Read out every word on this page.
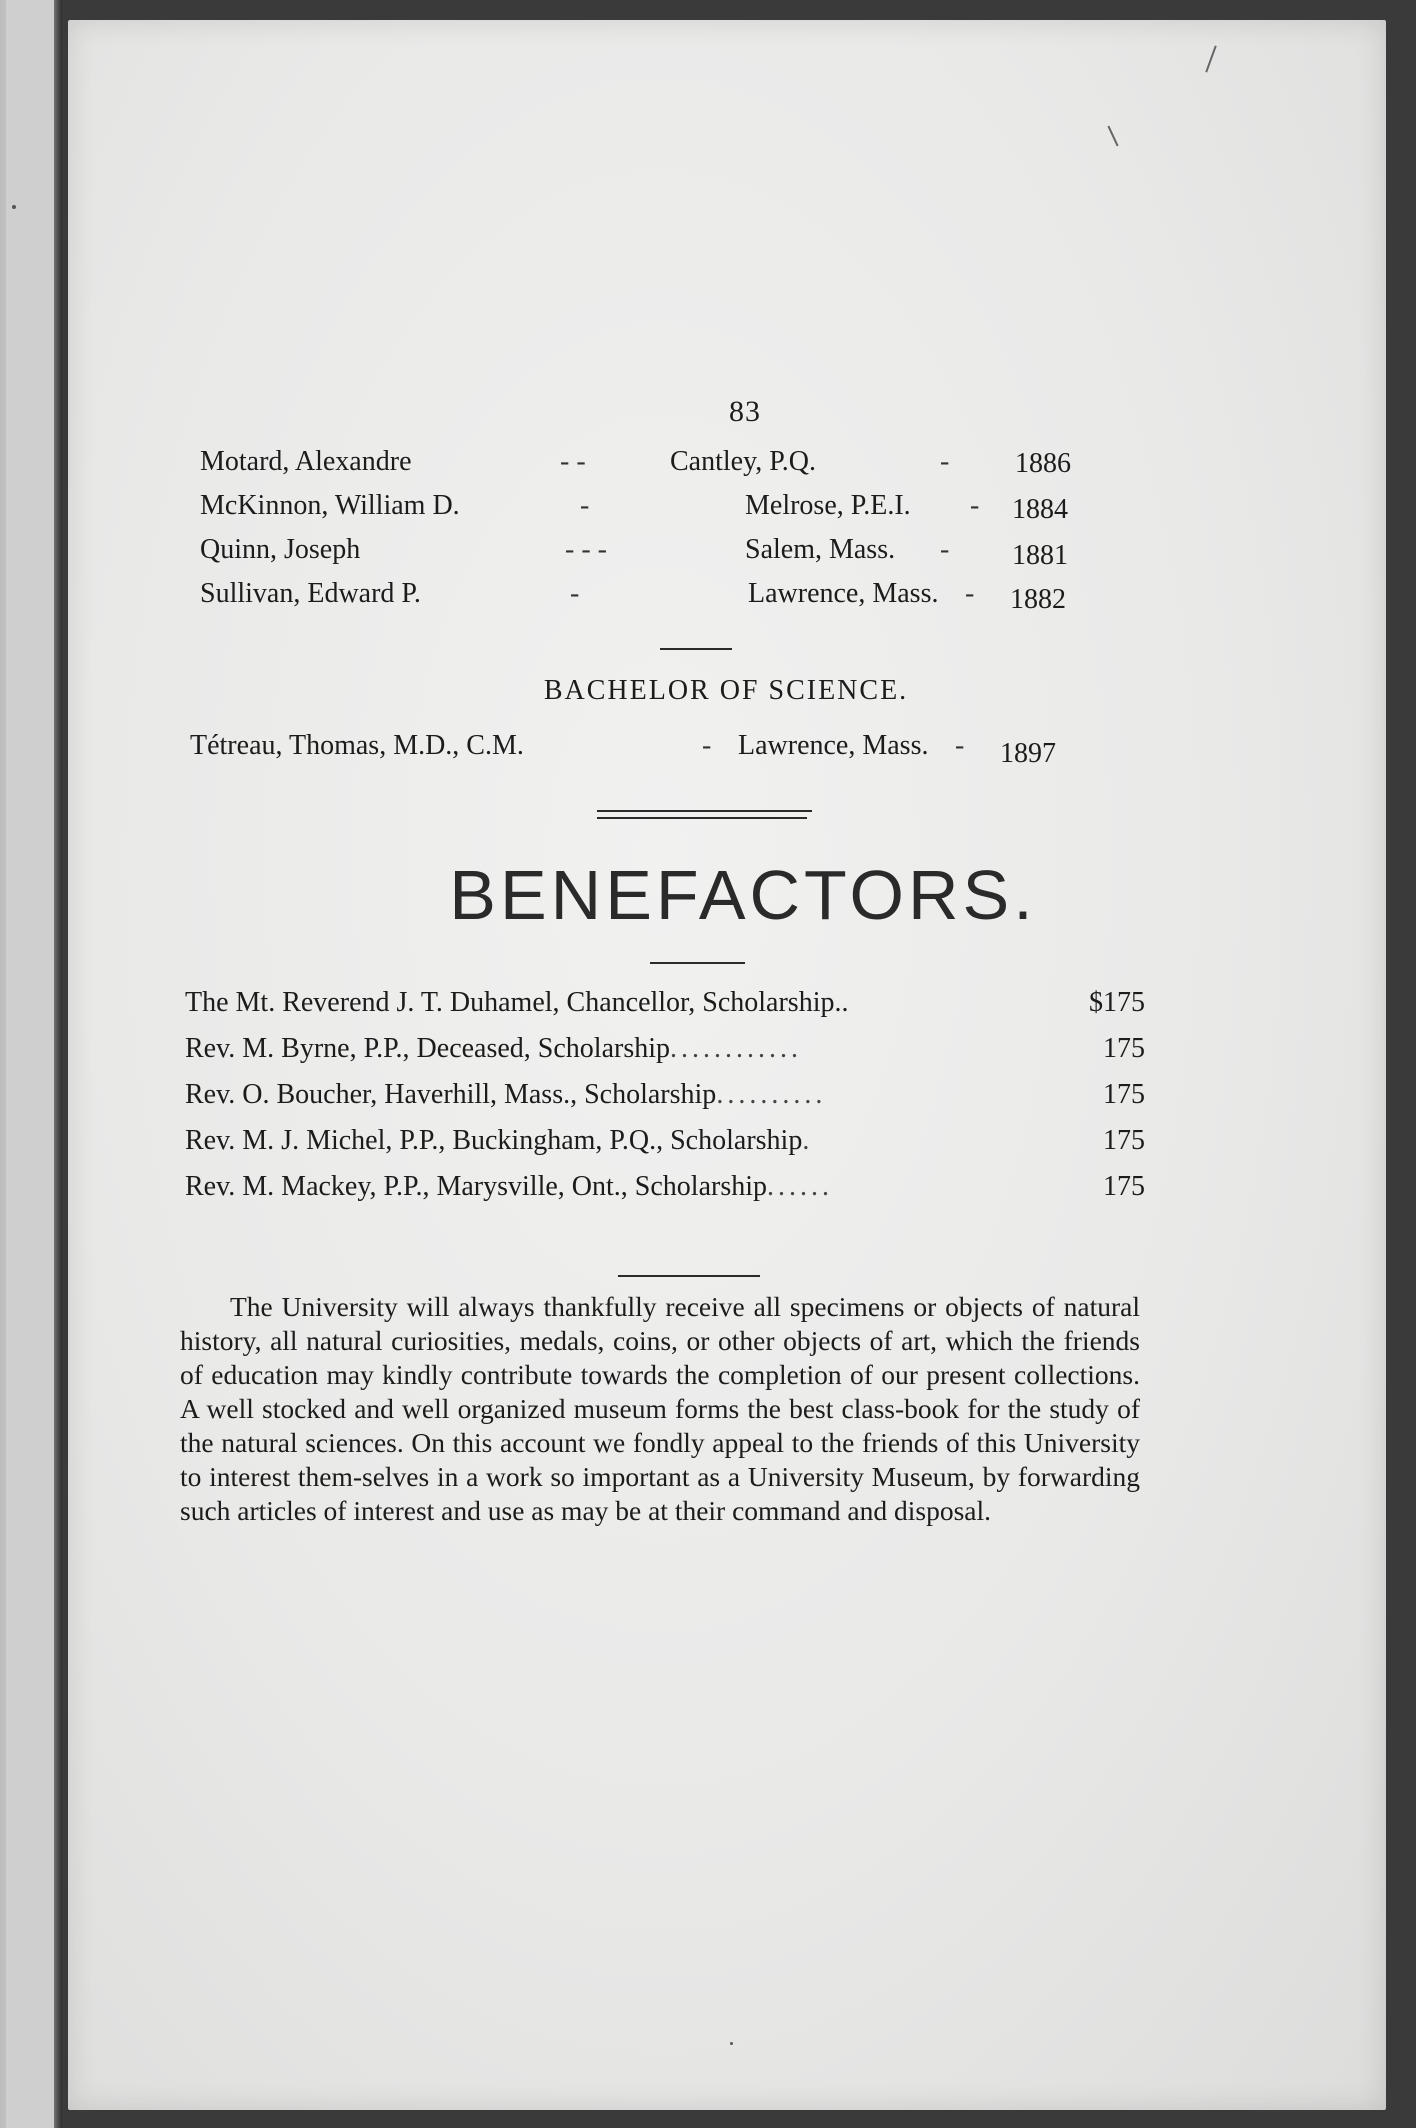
83
Motard, Alexandre	- -	Cantley, P.Q.	- 1886
McKinnon, William D.	-	Melrose, P.E.I. - 1884
Quinn, Joseph	- - -	Salem, Mass. - 1881
Sullivan, Edward P.	-	Lawrence, Mass. - 1882
BACHELOR OF SCIENCE.
Tétreau, Thomas, M.D., C.M.	- Lawrence, Mass. - 1897
BENEFACTORS.
The Mt. Reverend J. T. Duhamel, Chancellor, Scholarship..	$175
Rev. M. Byrne, P.P., Deceased, Scholarship ............	175
Rev. O. Boucher, Haverhill, Mass., Scholarship ..........	175
Rev. M. J. Michel, P.P., Buckingham, P.Q., Scholarship .	175
Rev. M. Mackey, P.P., Marysville, Ont., Scholarship ......	175
The University will always thankfully receive all specimens or objects of natural history, all natural curiosities, medals, coins, or other objects of art, which the friends of education may kindly contribute towards the completion of our present collections. A well stocked and well organized museum forms the best class-book for the study of the natural sciences. On this account we fondly appeal to the friends of this University to interest them-selves in a work so important as a University Museum, by forwarding such articles of interest and use as may be at their command and disposal.
